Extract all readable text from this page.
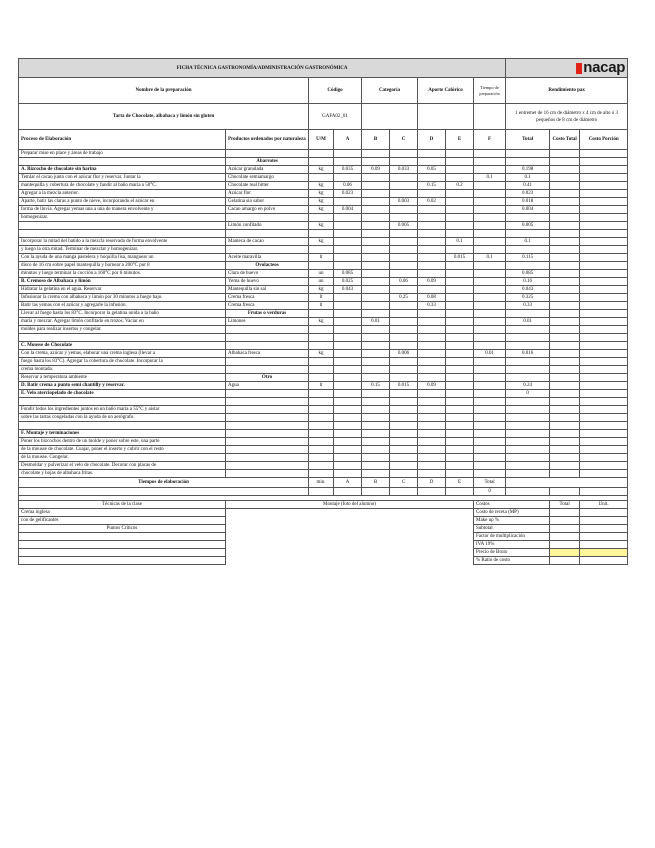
FICHA TÉCNICA GASTRONOMÍA/ADMINISTRACIÓN GASTRONÓMICA									nacap		

Nombre de la preparación		Código		Categoría		Aporte Calórico		Tiempo de preparación	Rendimiento pax		
Tarta de Chocolate, albahaca y limón sin gluten		GAFA02_01							1 entremet de 16 cm de diámetro x 4 cm de alto ó 3 pequeños de 8 cm de diámetro		
Proceso de Elaboración	Productos ordenados por naturaleza	U/M	A	B	C	D	E	F	Total	Costo Total	Costo Porción
Preparar mise en place y áreas de trabajo											
	Abarrotes										
A. Bizcocho de chocolate sin harina	Azúcar granulada	kg	0.035	0.09	0.033	0.05			0.198		
Temlar el cacao junto con el azúcar flor y reservar. Juntar la	Chocolate semiamargo							0.1	0.1		
mantequilla y cobertura de chocolate y fundir al baño maría a 50°C.	Chocolate real bitter	kg	0.06			0.15	0.2		0.41		
Agregar a la mezcla anterior.	Azúcar flor	kg	0.023						0.023		
Aparte, batir las claras a punto de nieve, incorporando el azúcar en	Gelatina sin sabor	kg			0.003	0.02			0.018		
forma de lluvia. Agregar yemas una a una de manera envolvente y	Cacao amargo en polvo	kg	0.004						0.004		
homogenizar.											
	Limón confitado	kg			0.005				0.005		

Incorporar la mitad del batido a la mezcla reservada de forma envolvente	Manteca de cacao	kg					0.1		0.1		
y luego la otra mitad. Terminar de mezclar y homogenizar.											
Con la ayuda de una manga pastelera y boquilla lisa, manguear un	Aceite maravilla	lt					0.015	0.1	0.115		
disco de 16 cm sobre papel mantequilla y hornear a 200°C por 8	Ovolacteos										
minutos y luego terminar la cocción a 160°C por 6 minutos.	Clara de huevo	un	0.085						0.085		
B. Cremoso de Albahaca y limón	Yema de huevo	un	0.025		0.06	0.09			0.16		
Hidratar la gelatina en el agua. Reservar	Mantequilla sin sal	kg	0.043						0.043		
Infusionar la crema con albahaca y limón por 30 minutos a fuego bajo.	Crema fresca	lt			0.25	0.08			0.325		
Batir las yemas con el azúcar y agregarle la infusión.	Crema fresca	lt				0.33			0.33		
Llevar al fuego hasta los 83°C. Incorporar la gelatina unida a la baño	Frutas o verduras										
maría y mezcar. Agregar limón confitado en trozos. Vaciar en	Limones	kg		0.01					0.01		
moldes para realizar insertos y congelar.											

C. Mousse de Chocolate											
Con la crema, azúcar y yemas, elaborar una crema inglesa (llevar a	Albahaca fresca	kg			0.006			0.01	0.016		
fuego hasta los 83°C). Agregar la cobertura de chocolate. Incorporar la											
crema montada.											
Reservar a temperatura ambiente	Otro										
D. Batir crema a punto semi chantilly y reservar.	Agua	lt		0.15	0.015	0.09			0.24		
E. Velo aterciopelado de chocolate									0		

Fundir todos los ingredientes juntos en un baño maría a 55°C y aislar											
sobre las tartas congeladas con la ayuda de un aerógrafo.											

F. Montaje y terminaciones											
Poner los bizcochos dentro de un molde y poner sobre este, una parte											
de la mousse de chocolate. Cuajar, poner el inserto y cubrir con el resto											
de la mousse. Congelar.											
Desmoldar y pulverizar el velo de chocolate. Decorar con placas de											
chocolate y hojas de albahaca fritas.											
Tiempos de elaboración		min.	A	B	C	D	E	Total			
								0			

Técnicas de la clase	Montaje (foto del alumno)							Costos		Total	Unit.
Crema inglesa								Costo de receta (MP)			
con de gelificantes								Make up %			
Puntos Críticos								Subtotal			
								Factor de multiplicación			
								IVA 19%			
								Precio de Bruto			
								% Ratio de costo			
